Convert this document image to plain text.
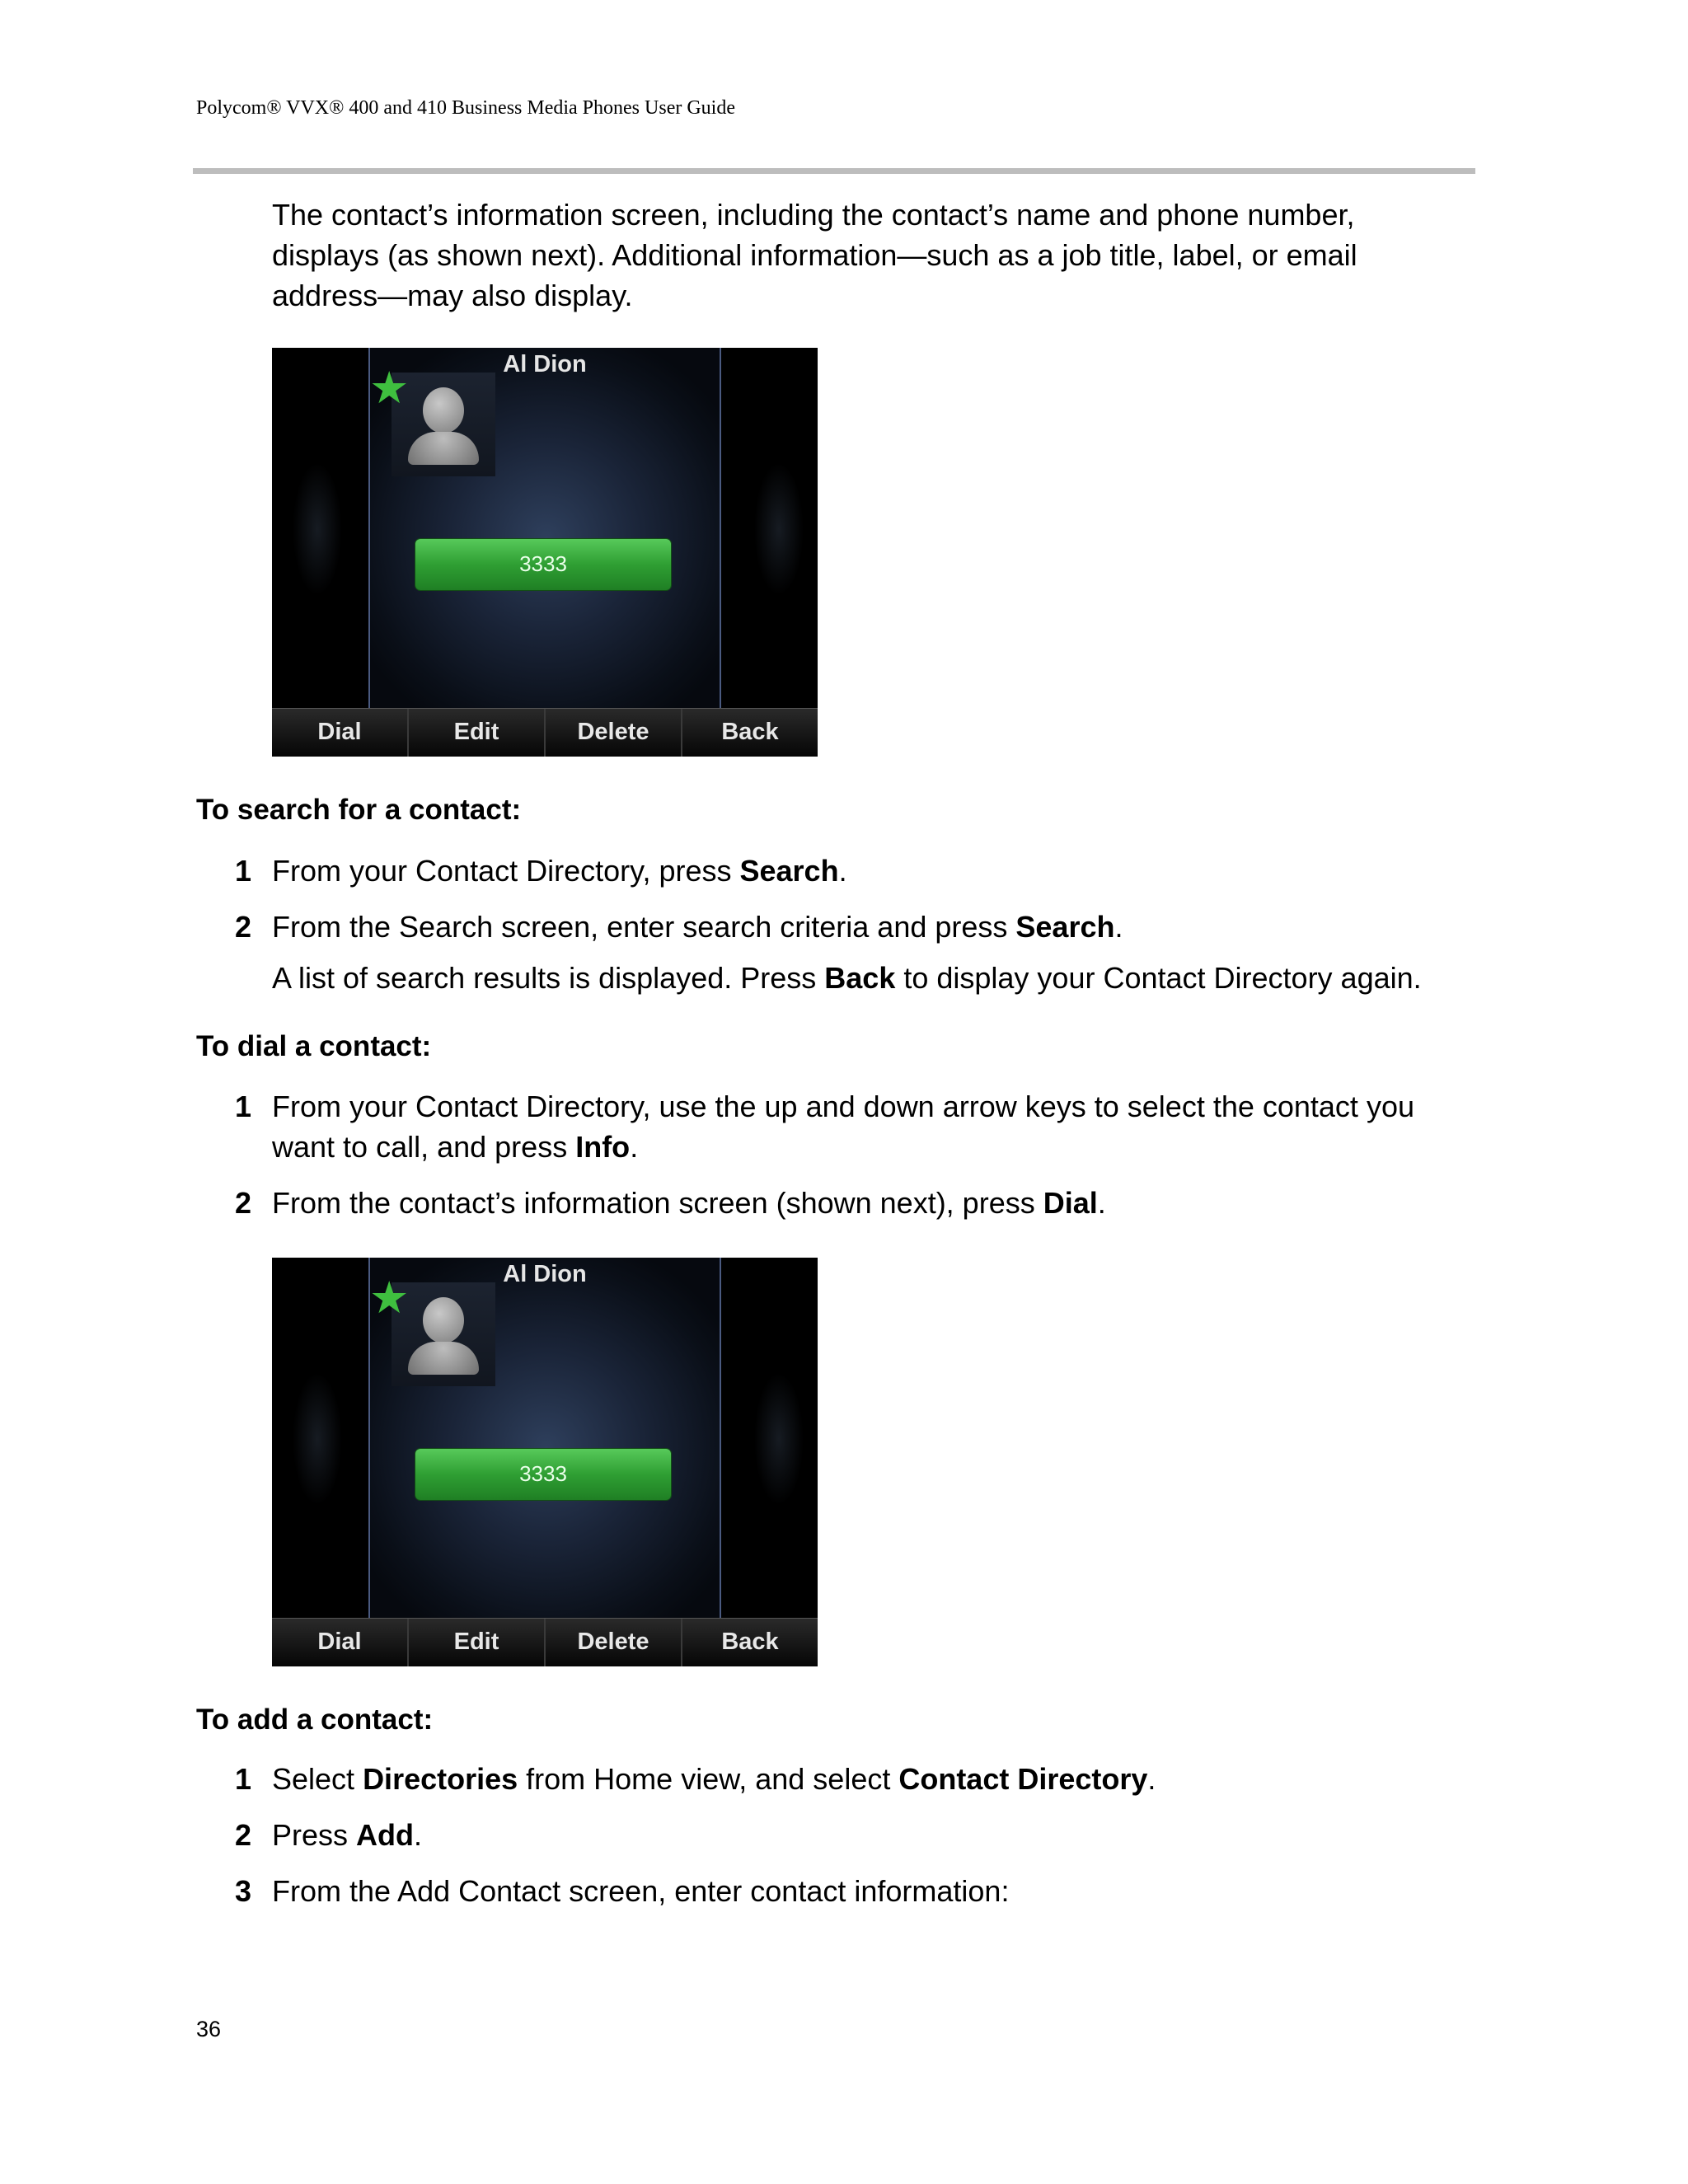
Polycom® VVX® 400 and 410 Business Media Phones User Guide
The contact’s information screen, including the contact’s name and phone number,
displays (as shown next). Additional information—such as a job title, label, or email
address—may also display.
Al Dion
★
3333
Dial	Edit	Delete	Back
To search for a contact:
1 From your Contact Directory, press Search.
2 From the Search screen, enter search criteria and press Search.
A list of search results is displayed. Press Back to display your Contact Directory again.
To dial a contact:
1 From your Contact Directory, use the up and down arrow keys to select the contact you
want to call, and press Info.
2 From the contact’s information screen (shown next), press Dial.
Al Dion
★
3333
Dial	Edit	Delete	Back
To add a contact:
1 Select Directories from Home view, and select Contact Directory.
2 Press Add.
3 From the Add Contact screen, enter contact information:
36
